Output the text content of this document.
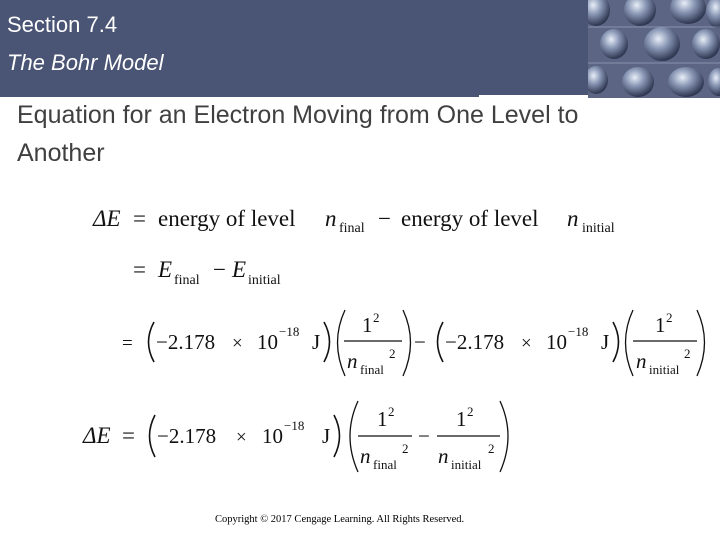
Section 7.4
The Bohr Model
Equation for an Electron Moving from One Level to Another
ΔE = energy of level n final − energy of level n initial
= E final − E initial
= −2.178 × 10 −18 J
1 2
n final
2 − −2.178 × 10 −18 J
1 2
n initial
2
ΔE = −2.178 × 10 −18 J
1 2
n final
2
−
1 2
n initial
2
Copyright © 2017 Cengage Learning. All Rights Reserved.
